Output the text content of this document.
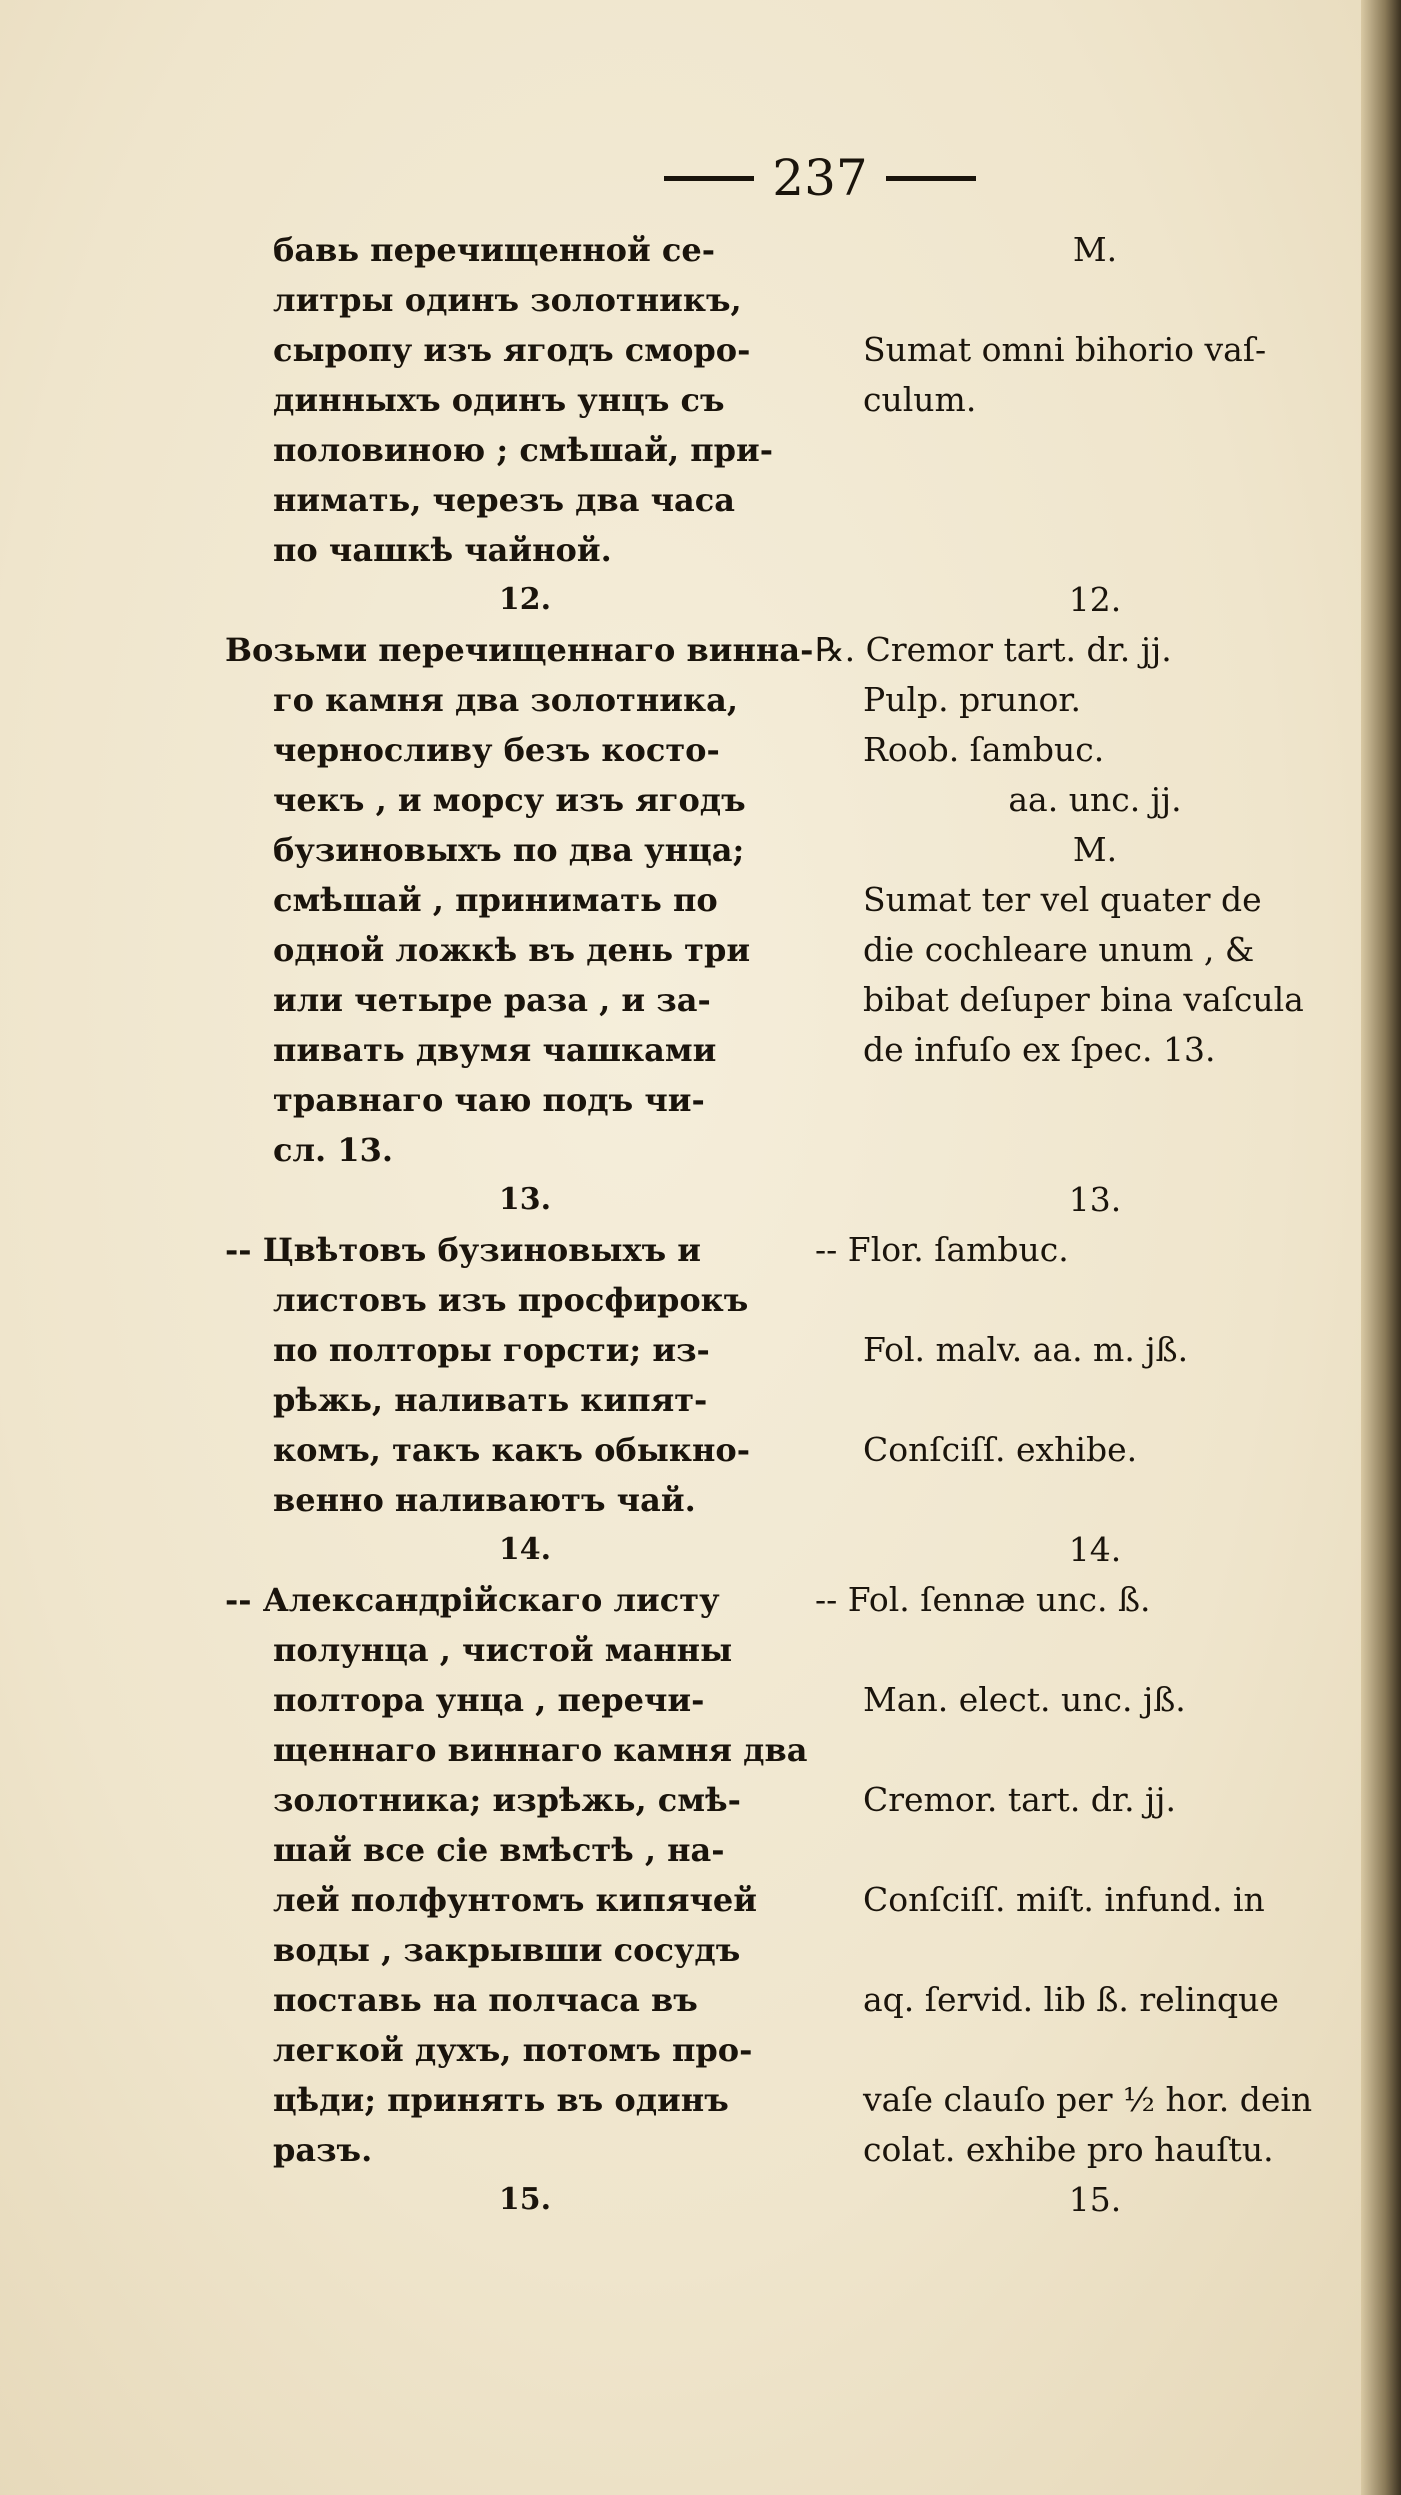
237
бавь перечищенной се-
литры одинъ золотникъ,
сыропу изъ ягодъ сморо-
динныхъ одинъ унцъ съ
половиною ; смѣшай, при-
нимать, черезъ два часа
по чашкѣ чайной.
12.
Возьми перечищеннаго винна-
го камня два золотника,
черносливу безъ косто-
чекъ , и морсу изъ ягодъ
бузиновыхъ по два унца;
смѣшай , принимать по
одной ложкѣ въ день три
или четыре раза , и за-
пивать двумя чашками
травнаго чаю подъ чи-
сл. 13.
13.
-- Цвѣтовъ бузиновыхъ и
листовъ изъ просфирокъ
по полторы горсти; из-
рѣжь, наливать кипят-
комъ, такъ какъ обыкно-
венно наливаютъ чай.
14.
-- Александрійскаго листу
полунца , чистой манны
полтора унца , перечи-
щеннаго виннаго камня два
золотника; изрѣжь, смѣ-
шай все сіе вмѣстѣ , на-
лей полфунтомъ кипячей
воды , закрывши сосудъ
поставь на полчаса въ
легкой духъ, потомъ про-
цѣди; принять въ одинъ
разъ.
15.
M.
Sumat omni bihorio vaſ-
culum.
12.
℞. Cremor tart. dr. jj.
Pulp. prunor.
Roob. ſambuc.
aa. unc. jj.
M.
Sumat ter vel quater de
die cochleare unum , &
bibat deſuper bina vaſcula
de infuſo ex ſpec. 13.
13.
-- Flor. ſambuc.
Fol. malv. aa. m. jß.
Conſciſſ. exhibe.
14.
-- Fol. ſennæ unc. ß.
Man. elect. unc. jß.
Cremor. tart. dr. jj.
Conſciſſ. miſt. infund. in
aq. ſervid. lib ß. relinque
vaſe clauſo per ½ hor. dein
colat. exhibe pro hauſtu.
15.
